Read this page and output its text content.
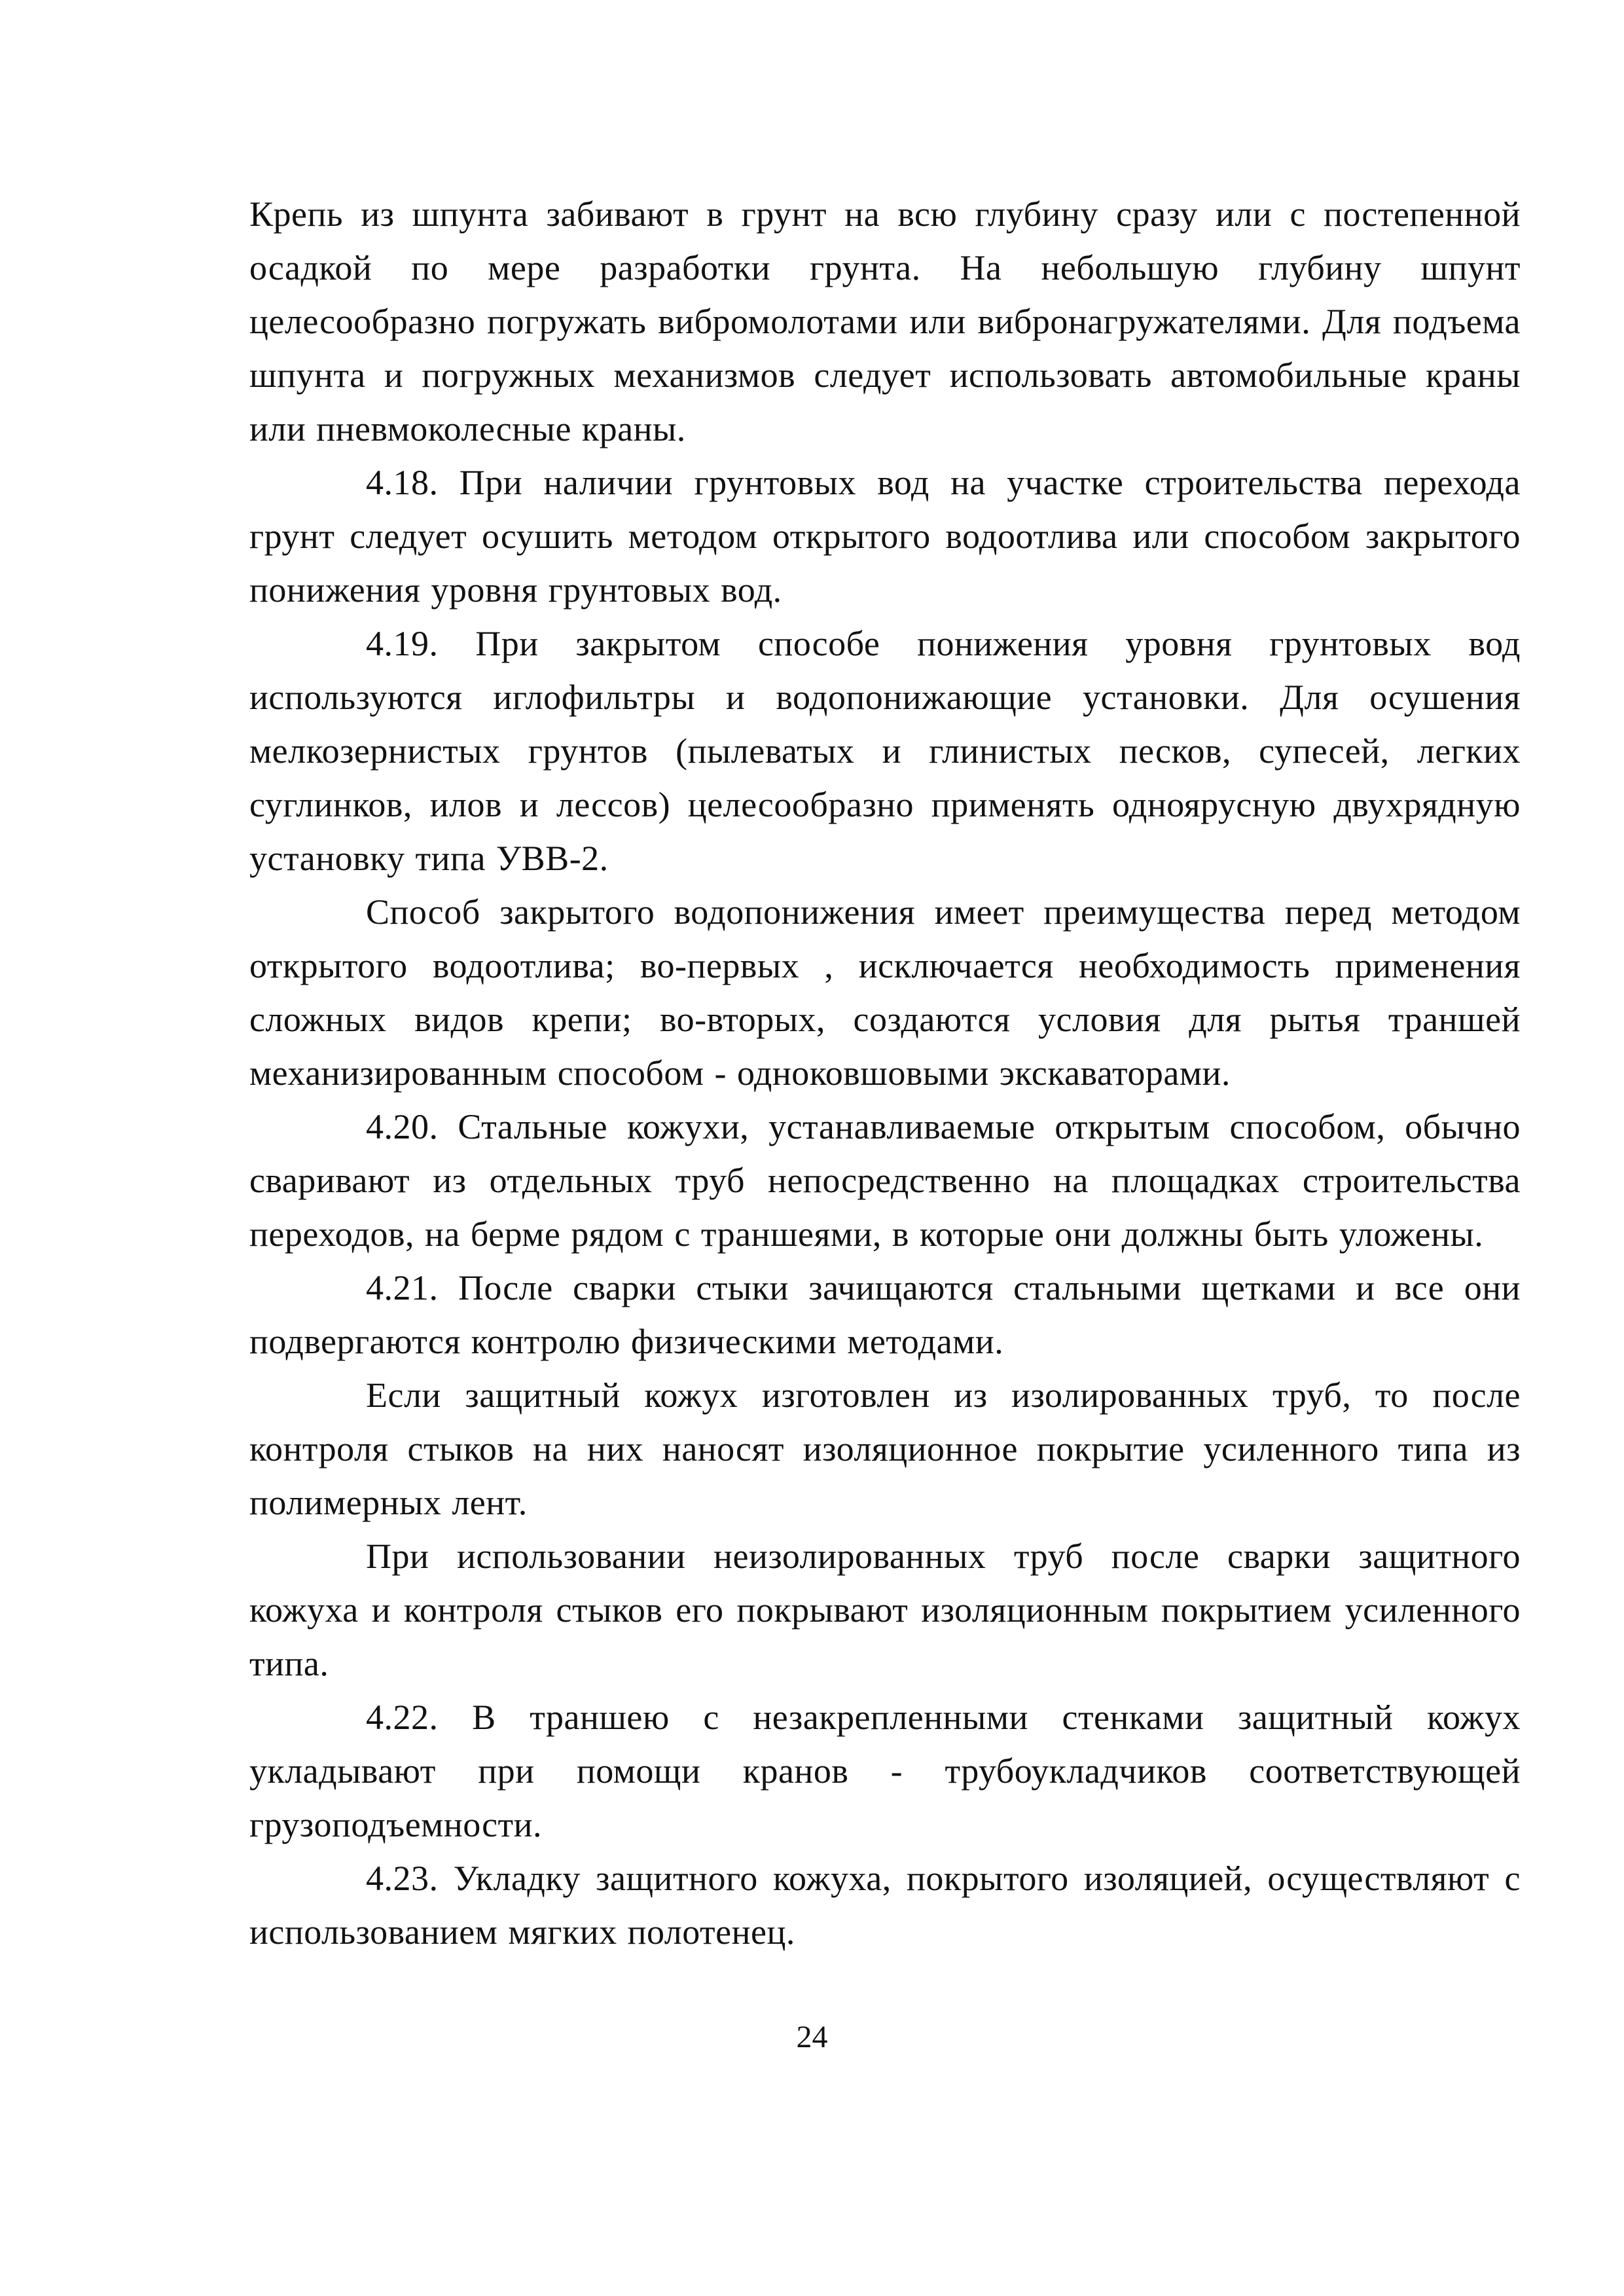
Крепь из шпунта забивают в грунт на всю глубину сразу или с постепенной осадкой по мере разработки грунта. На небольшую глубину шпунт целесообразно погружать вибромолотами или вибронагружателями. Для подъема шпунта и погружных механизмов следует использовать автомобильные краны или пневмоколесные краны.

4.18. При наличии грунтовых вод на участке строительства перехода грунт следует осушить методом открытого водоотлива или способом закрытого понижения уровня грунтовых вод.

4.19. При закрытом способе понижения уровня грунтовых вод используются иглофильтры и водопонижающие установки. Для осушения мелкозернистых грунтов (пылеватых и глинистых песков, супесей, легких суглинков, илов и лессов) целесообразно применять одноярусную двухрядную установку типа УВВ-2.

Способ закрытого водопонижения имеет преимущества перед методом открытого водоотлива; во-первых , исключается необходимость применения сложных видов крепи; во-вторых, создаются условия для рытья траншей механизированным способом - одноковшовыми экскаваторами.

4.20. Стальные кожухи, устанавливаемые открытым способом, обычно сваривают из отдельных труб непосредственно на площадках строительства переходов, на берме рядом с траншеями, в которые они должны быть уложены.

4.21. После сварки стыки зачищаются стальными щетками и все они подвергаются контролю физическими методами.

Если защитный кожух изготовлен из изолированных труб, то после контроля стыков на них наносят изоляционное покрытие усиленного типа из полимерных лент.

При использовании неизолированных труб после сварки защитного кожуха и контроля стыков его покрывают изоляционным покрытием усиленного типа.

4.22. В траншею с незакрепленными стенками защитный кожух укладывают при помощи кранов - трубоукладчиков соответствующей грузоподъемности.

4.23. Укладку защитного кожуха, покрытого изоляцией, осуществляют с использованием мягких полотенец.

24
